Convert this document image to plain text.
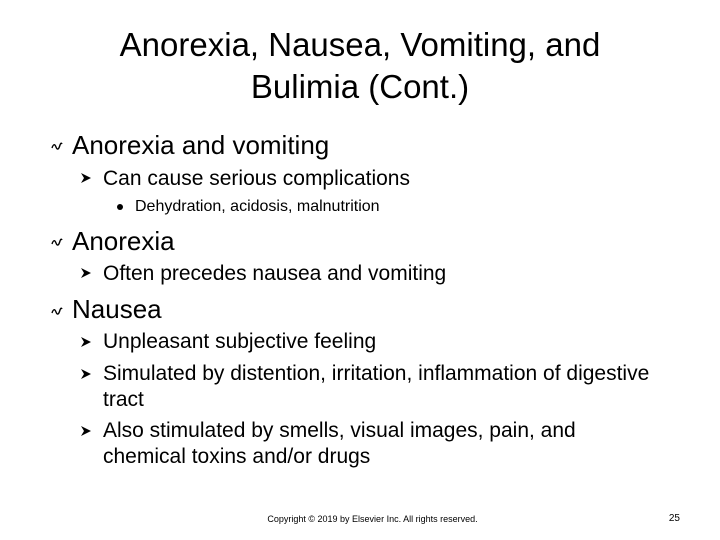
Anorexia, Nausea, Vomiting, and
Bulimia (Cont.)
Anorexia and vomiting
Can cause serious complications
Dehydration, acidosis, malnutrition
Anorexia
Often precedes nausea and vomiting
Nausea
Unpleasant subjective feeling
Simulated by distention, irritation, inflammation of digestive tract
Also stimulated by smells, visual images, pain, and chemical toxins and/or drugs
Copyright © 2019 by Elsevier Inc. All rights reserved.	25
